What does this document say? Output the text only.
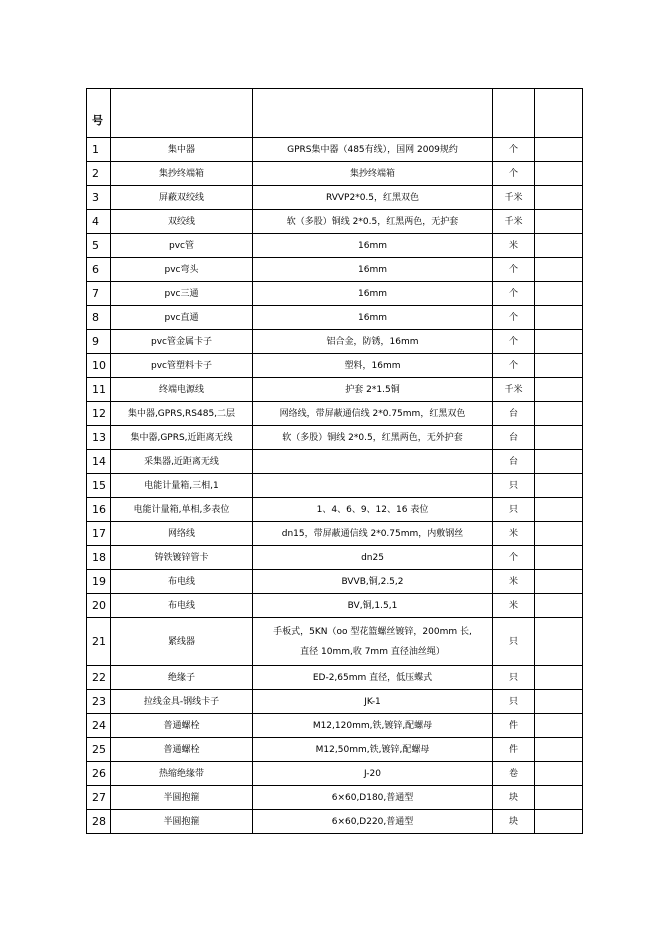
号				
1	集中器	GPRS集中器（485有线），国网 2009规约	个	
2	集抄终端箱	集抄终端箱	个	
3	屏蔽双绞线	RVVP2*0.5，红黑双色	千米	
4	双绞线	软（多股）铜线 2*0.5，红黑两色，无护套	千米	
5	pvc管	16mm	米	
6	pvc弯头	16mm	个	
7	pvc三通	16mm	个	
8	pvc直通	16mm	个	
9	pvc管金属卡子	铝合金，防锈，16mm	个	
10	pvc管塑料卡子	塑料，16mm	个	
11	终端电源线	护套 2*1.5铜	千米	
12	集中器,GPRS,RS485,二层	网络线，带屏蔽通信线 2*0.75mm，红黑双色	台	
13	集中器,GPRS,近距离无线	软（多股）铜线 2*0.5，红黑两色，无外护套	台	
14	采集器,近距离无线		台	
15	电能计量箱,三相,1		只	
16	电能计量箱,单相,多表位	1、4、6、9、12、16 表位	只	
17	网络线	dn15，带屏蔽通信线 2*0.75mm，内敷钢丝	米	
18	铸铁镀锌管卡	dn25	个	
19	布电线	BVVB,铜,2.5,2	米	
20	布电线	BV,铜,1.5,1	米	
21	紧线器	手板式，5KN（oo 型花篮螺丝镀锌，200mm 长,
直径 10mm,收 7mm 直径油丝绳）	只	
22	绝缘子	ED-2,65mm 直径，低压蝶式	只	
23	拉线金具-钢线卡子	JK-1	只	
24	普通螺栓	M12,120mm,铁,镀锌,配螺母	件	
25	普通螺栓	M12,50mm,铁,镀锌,配螺母	件	
26	热缩绝缘带	J-20	卷	
27	半圆抱箍	6×60,D180,普通型	块	
28	半圆抱箍	6×60,D220,普通型	块	
